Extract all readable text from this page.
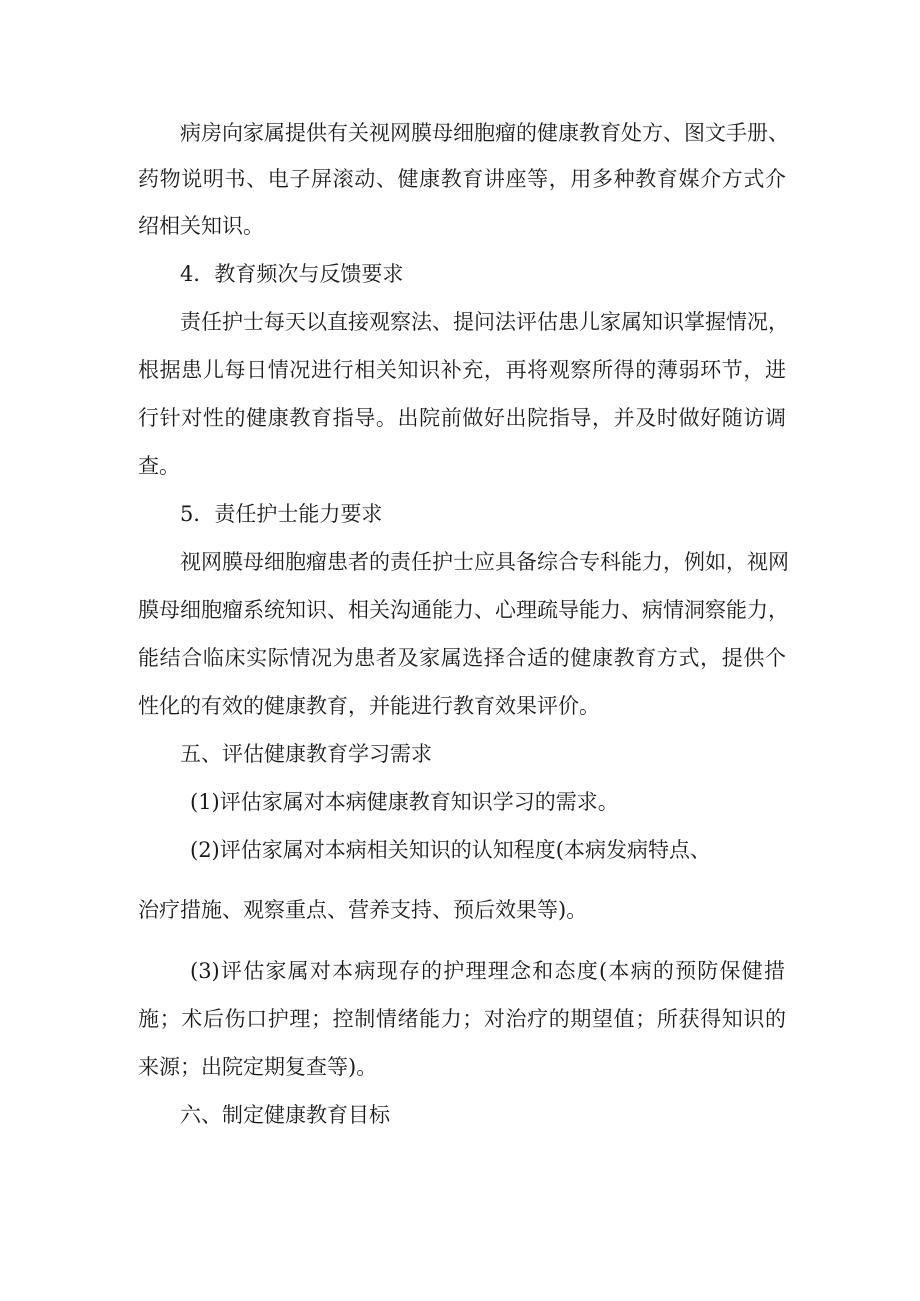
病房向家属提供有关视网膜母细胞瘤的健康教育处方、图文手册、

药物说明书、电子屏滚动、健康教育讲座等，用多种教育媒介方式介

绍相关知识。

4．教育频次与反馈要求

责任护士每天以直接观察法、提问法评估患儿家属知识掌握情况，

根据患儿每日情况进行相关知识补充，再将观察所得的薄弱环节，进

行针对性的健康教育指导。出院前做好出院指导，并及时做好随访调

查。

5．责任护士能力要求

视网膜母细胞瘤患者的责任护士应具备综合专科能力，例如，视网

膜母细胞瘤系统知识、相关沟通能力、心理疏导能力、病情洞察能力，

能结合临床实际情况为患者及家属选择合适的健康教育方式，提供个

性化的有效的健康教育，并能进行教育效果评价。

五、评估健康教育学习需求

(1)评估家属对本病健康教育知识学习的需求。

(2)评估家属对本病相关知识的认知程度(本病发病特点、

治疗措施、观察重点、营养支持、预后效果等)。

(3)评估家属对本病现存的护理理念和态度(本病的预防保健措

施；术后伤口护理；控制情绪能力；对治疗的期望值；所获得知识的

来源；出院定期复查等)。

六、制定健康教育目标
